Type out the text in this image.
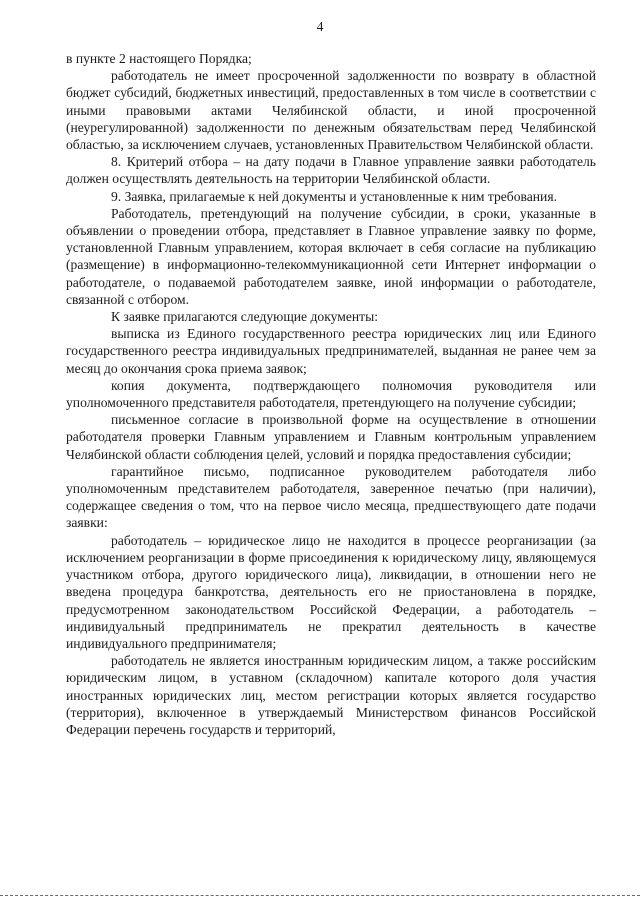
4

в пункте 2 настоящего Порядка;

работодатель не имеет просроченной задолженности по возврату в областной бюджет субсидий, бюджетных инвестиций, предоставленных в том числе в соответствии с иными правовыми актами Челябинской области, и иной просроченной (неурегулированной) задолженности по денежным обязательствам перед Челябинской областью, за исключением случаев, установленных Правительством Челябинской области.

8. Критерий отбора – на дату подачи в Главное управление заявки работодатель должен осуществлять деятельность на территории Челябинской области.

9. Заявка, прилагаемые к ней документы и установленные к ним требования.

Работодатель, претендующий на получение субсидии, в сроки, указанные в объявлении о проведении отбора, представляет в Главное управление заявку по форме, установленной Главным управлением, которая включает в себя согласие на публикацию (размещение) в информационно-телекоммуникационной сети Интернет информации о работодателе, о подаваемой работодателем заявке, иной информации о работодателе, связанной с отбором.

К заявке прилагаются следующие документы:

выписка из Единого государственного реестра юридических лиц или Единого государственного реестра индивидуальных предпринимателей, выданная не ранее чем за месяц до окончания срока приема заявок;

копия документа, подтверждающего полномочия руководителя или уполномоченного представителя работодателя, претендующего на получение субсидии;

письменное согласие в произвольной форме на осуществление в отношении работодателя проверки Главным управлением и Главным контрольным управлением Челябинской области соблюдения целей, условий и порядка предоставления субсидии;

гарантийное письмо, подписанное руководителем работодателя либо уполномоченным представителем работодателя, заверенное печатью (при наличии), содержащее сведения о том, что на первое число месяца, предшествующего дате подачи заявки:

работодатель – юридическое лицо не находится в процессе реорганизации (за исключением реорганизации в форме присоединения к юридическому лицу, являющемуся участником отбора, другого юридического лица), ликвидации, в отношении него не введена процедура банкротства, деятельность его не приостановлена в порядке, предусмотренном законодательством Российской Федерации, а работодатель – индивидуальный предприниматель не прекратил деятельность в качестве индивидуального предпринимателя;

работодатель не является иностранным юридическим лицом, а также российским юридическим лицом, в уставном (складочном) капитале которого доля участия иностранных юридических лиц, местом регистрации которых является государство (территория), включенное в утверждаемый Министерством финансов Российской Федерации перечень государств и территорий,
